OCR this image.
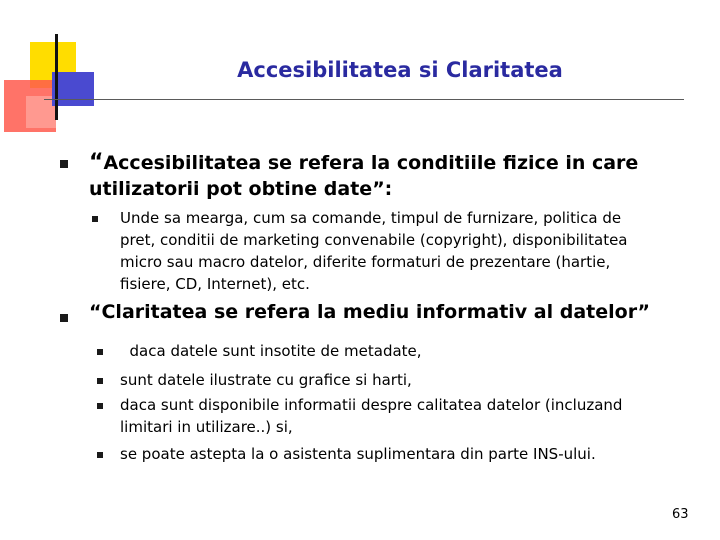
Accesibilitatea si Claritatea
“Accesibilitatea se refera la conditiile fizice in care
utilizatorii pot obtine date”:
Unde sa mearga, cum sa comande, timpul de furnizare, politica de
pret, conditii de marketing convenabile (copyright), disponibilitatea
micro sau macro datelor, diferite formaturi de prezentare (hartie,
fisiere, CD, Internet), etc.
“Claritatea se refera la mediu informativ al datelor”
daca datele sunt insotite de metadate,
sunt datele ilustrate cu grafice si harti,
daca sunt disponibile informatii despre calitatea datelor (incluzand
limitari in utilizare..) si,
se poate astepta la o asistenta suplimentara din parte INS-ului.
63
